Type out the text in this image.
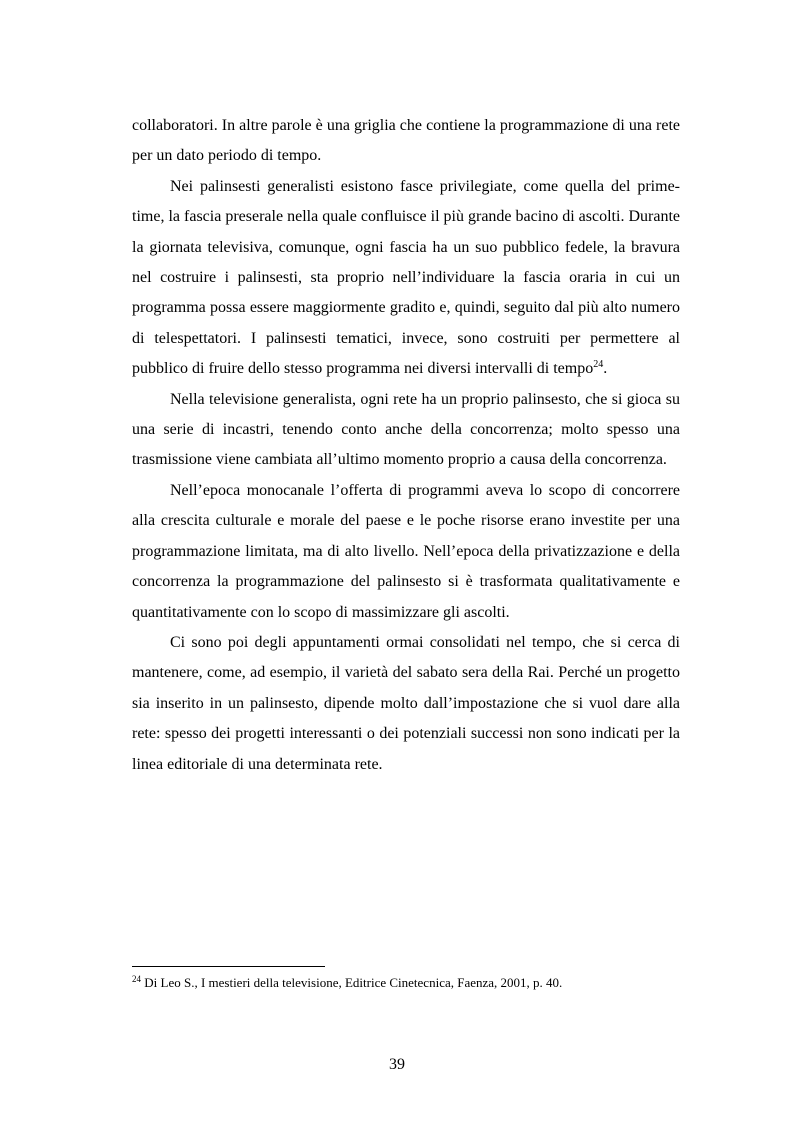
collaboratori. In altre parole è una griglia che contiene la programmazione di una rete per un dato periodo di tempo.

Nei palinsesti generalisti esistono fasce privilegiate, come quella del prime-time, la fascia preserale nella quale confluisce il più grande bacino di ascolti. Durante la giornata televisiva, comunque, ogni fascia ha un suo pubblico fedele, la bravura nel costruire i palinsesti, sta proprio nell’individuare la fascia oraria in cui un programma possa essere maggiormente gradito e, quindi, seguito dal più alto numero di telespettatori. I palinsesti tematici, invece, sono costruiti per permettere al pubblico di fruire dello stesso programma nei diversi intervalli di tempo$^{24}$.

Nella televisione generalista, ogni rete ha un proprio palinsesto, che si gioca su una serie di incastri, tenendo conto anche della concorrenza; molto spesso una trasmissione viene cambiata all’ultimo momento proprio a causa della concorrenza.

Nell’epoca monocanale l’offerta di programmi aveva lo scopo di concorrere alla crescita culturale e morale del paese e le poche risorse erano investite per una programmazione limitata, ma di alto livello. Nell’epoca della privatizzazione e della concorrenza la programmazione del palinsesto si è trasformata qualitativamente e quantitativamente con lo scopo di massimizzare gli ascolti.

Ci sono poi degli appuntamenti ormai consolidati nel tempo, che si cerca di mantenere, come, ad esempio, il varietà del sabato sera della Rai. Perché un progetto sia inserito in un palinsesto, dipende molto dall’impostazione che si vuol dare alla rete: spesso dei progetti interessanti o dei potenziali successi non sono indicati per la linea editoriale di una determinata rete.

$^{24}$ Di Leo S., I mestieri della televisione, Editrice Cinetecnica, Faenza, 2001, p. 40.
39
